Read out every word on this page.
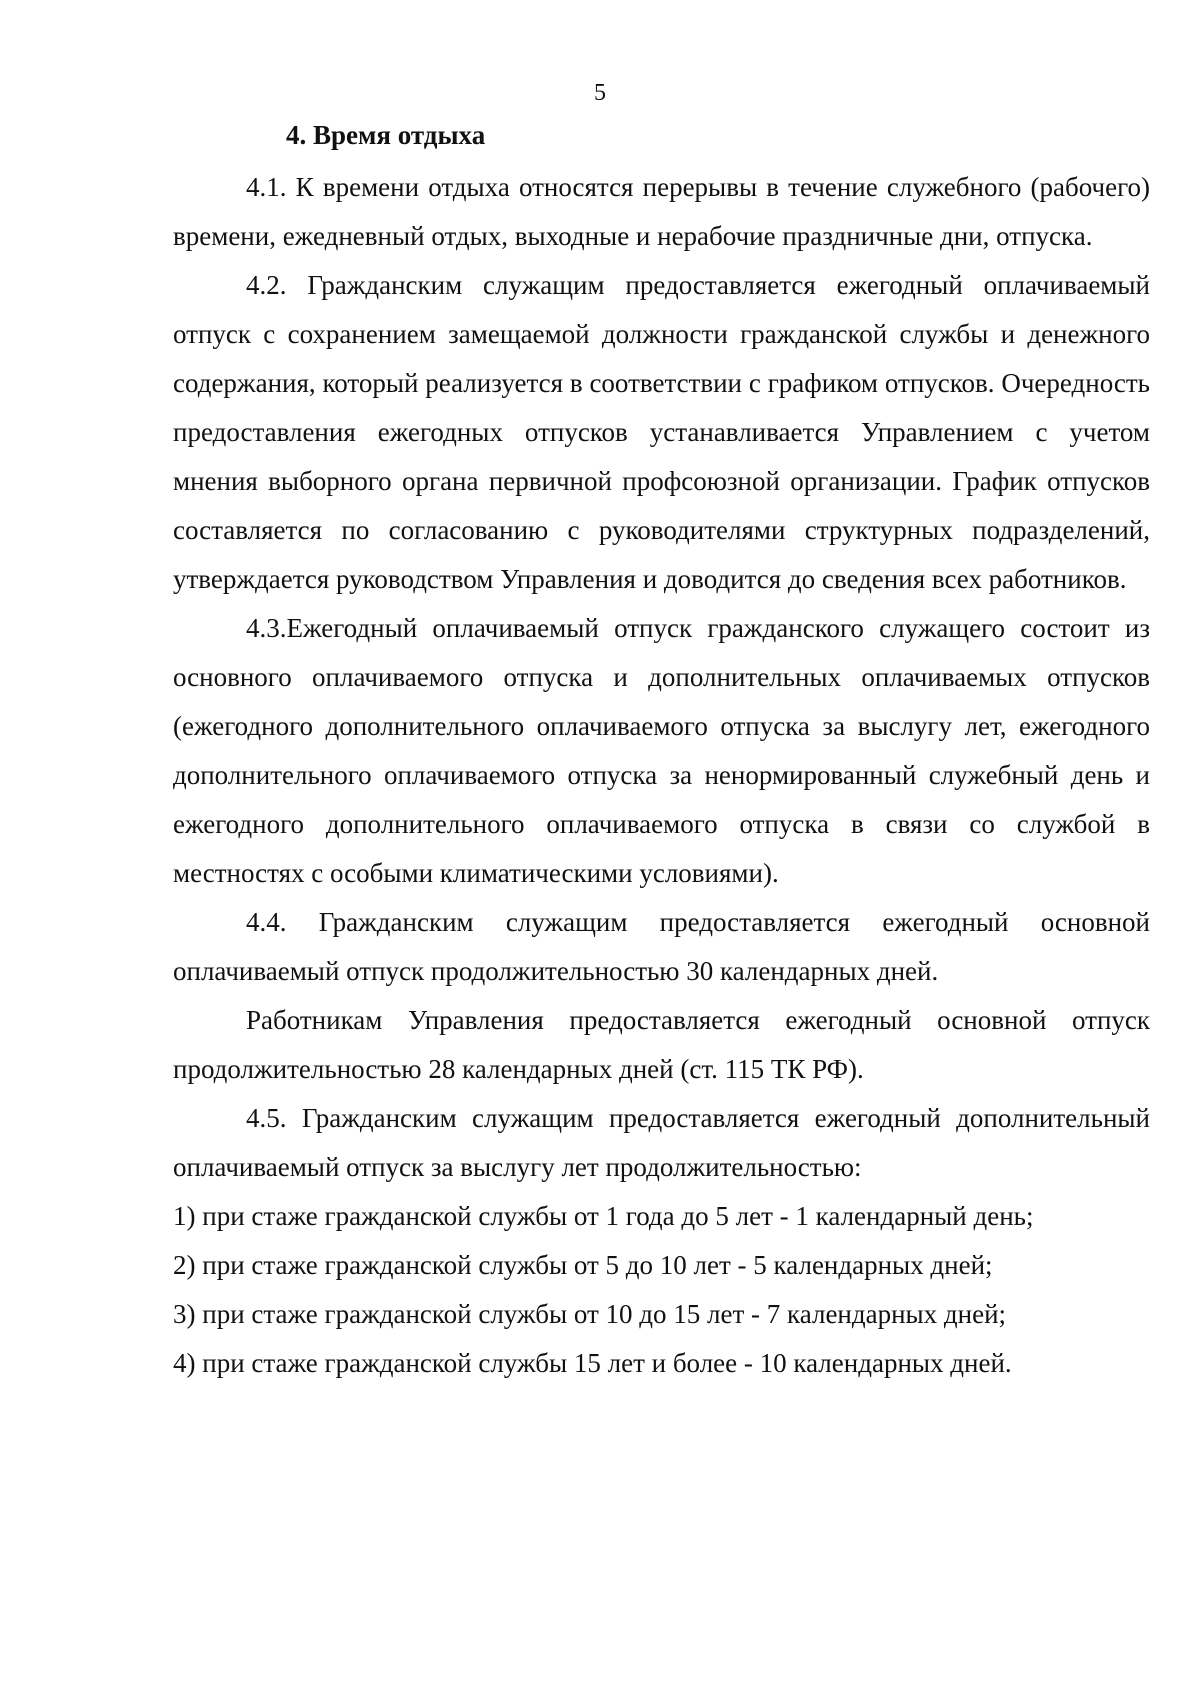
5
4. Время отдыха

4.1. К времени отдыха относятся перерывы в течение служебного (рабочего) времени, ежедневный отдых, выходные и нерабочие праздничные дни, отпуска.

4.2. Гражданским служащим предоставляется ежегодный оплачиваемый отпуск с сохранением замещаемой должности гражданской службы и денежного содержания, который реализуется в соответствии с графиком отпусков. Очередность предоставления ежегодных отпусков устанавливается Управлением с учетом мнения выборного органа первичной профсоюзной организации. График отпусков составляется по согласованию с руководителями структурных подразделений, утверждается руководством Управления и доводится до сведения всех работников.

4.3.Ежегодный оплачиваемый отпуск гражданского служащего состоит из основного оплачиваемого отпуска и дополнительных оплачиваемых отпусков (ежегодного дополнительного оплачиваемого отпуска за выслугу лет, ежегодного дополнительного оплачиваемого отпуска за ненормированный служебный день и ежегодного дополнительного оплачиваемого отпуска в связи со службой в местностях с особыми климатическими условиями).

4.4. Гражданским служащим предоставляется ежегодный основной оплачиваемый отпуск продолжительностью 30 календарных дней.

Работникам Управления предоставляется ежегодный основной отпуск продолжительностью 28 календарных дней (ст. 115 ТК РФ).

4.5. Гражданским служащим предоставляется ежегодный дополнительный оплачиваемый отпуск за выслугу лет продолжительностью:

1) при стаже гражданской службы от 1 года до 5 лет - 1 календарный день;

2) при стаже гражданской службы от 5 до 10 лет - 5 календарных дней;

3) при стаже гражданской службы от 10 до 15 лет - 7 календарных дней;

4) при стаже гражданской службы 15 лет и более - 10 календарных дней.
